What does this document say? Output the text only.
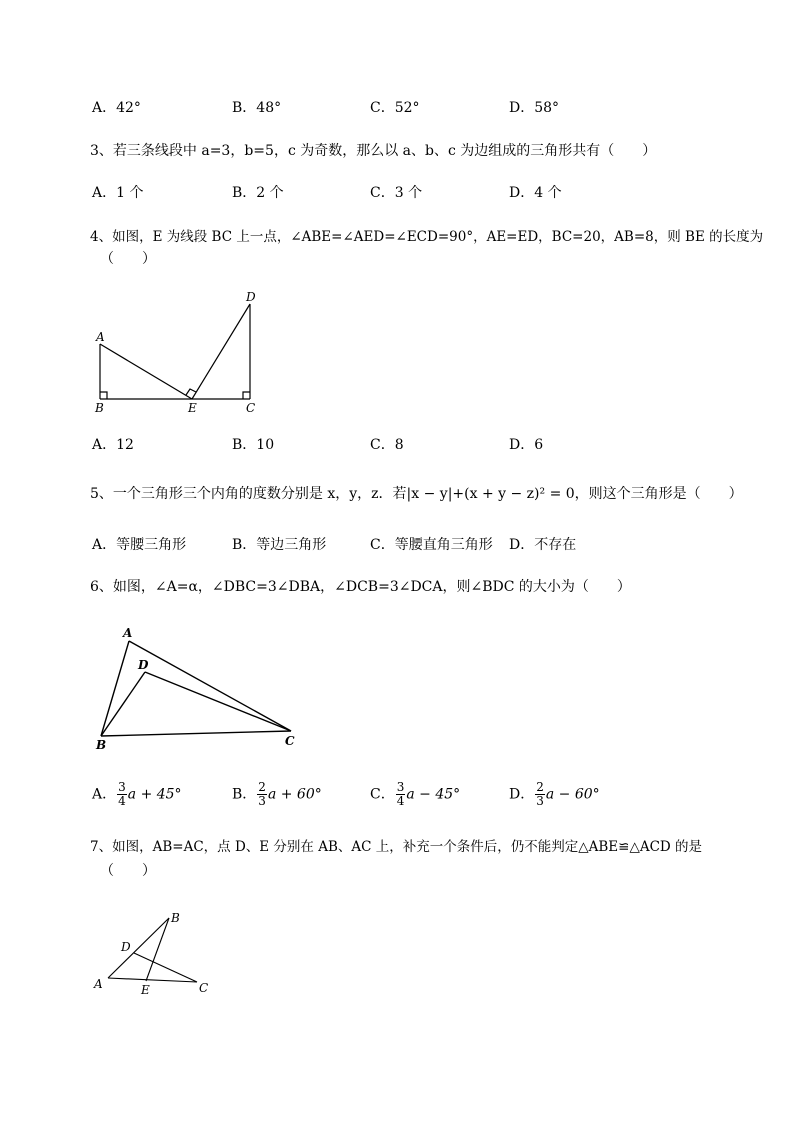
A．42°	B．48°	C．52°	D．58°
3、若三条线段中 a=3，b=5，c 为奇数，那么以 a、b、c 为边组成的三角形共有（　　）
A．1 个	B．2 个	C．3 个	D．4 个
4、如图，E 为线段 BC 上一点，∠ABE=∠AED=∠ECD=90°，AE=ED，BC=20，AB=8，则 BE 的长度为
（　　）
A
B	E	C
D
A．12	B．10	C．8	D．6
5、一个三角形三个内角的度数分别是 x，y，z．若|x − y|+(x + y − z)² = 0，则这个三角形是（　　）
A．等腰三角形	B．等边三角形	C．等腰直角三角形 D．不存在
6、如图，∠A=α，∠DBC=3∠DBA，∠DCB=3∠DCA，则∠BDC 的大小为（　　）
A
D
B	C
A． $\frac{3}{4}$ a + 45°	B． $\frac{2}{3}$ a + 60°	C． $\frac{3}{4}$ a − 45°	D． $\frac{2}{3}$ a − 60°
7、如图，AB=AC，点 D、E 分别在 AB、AC 上，补充一个条件后，仍不能判定△ABE≌△ACD 的是
（　　）
B
D
A	E	C
